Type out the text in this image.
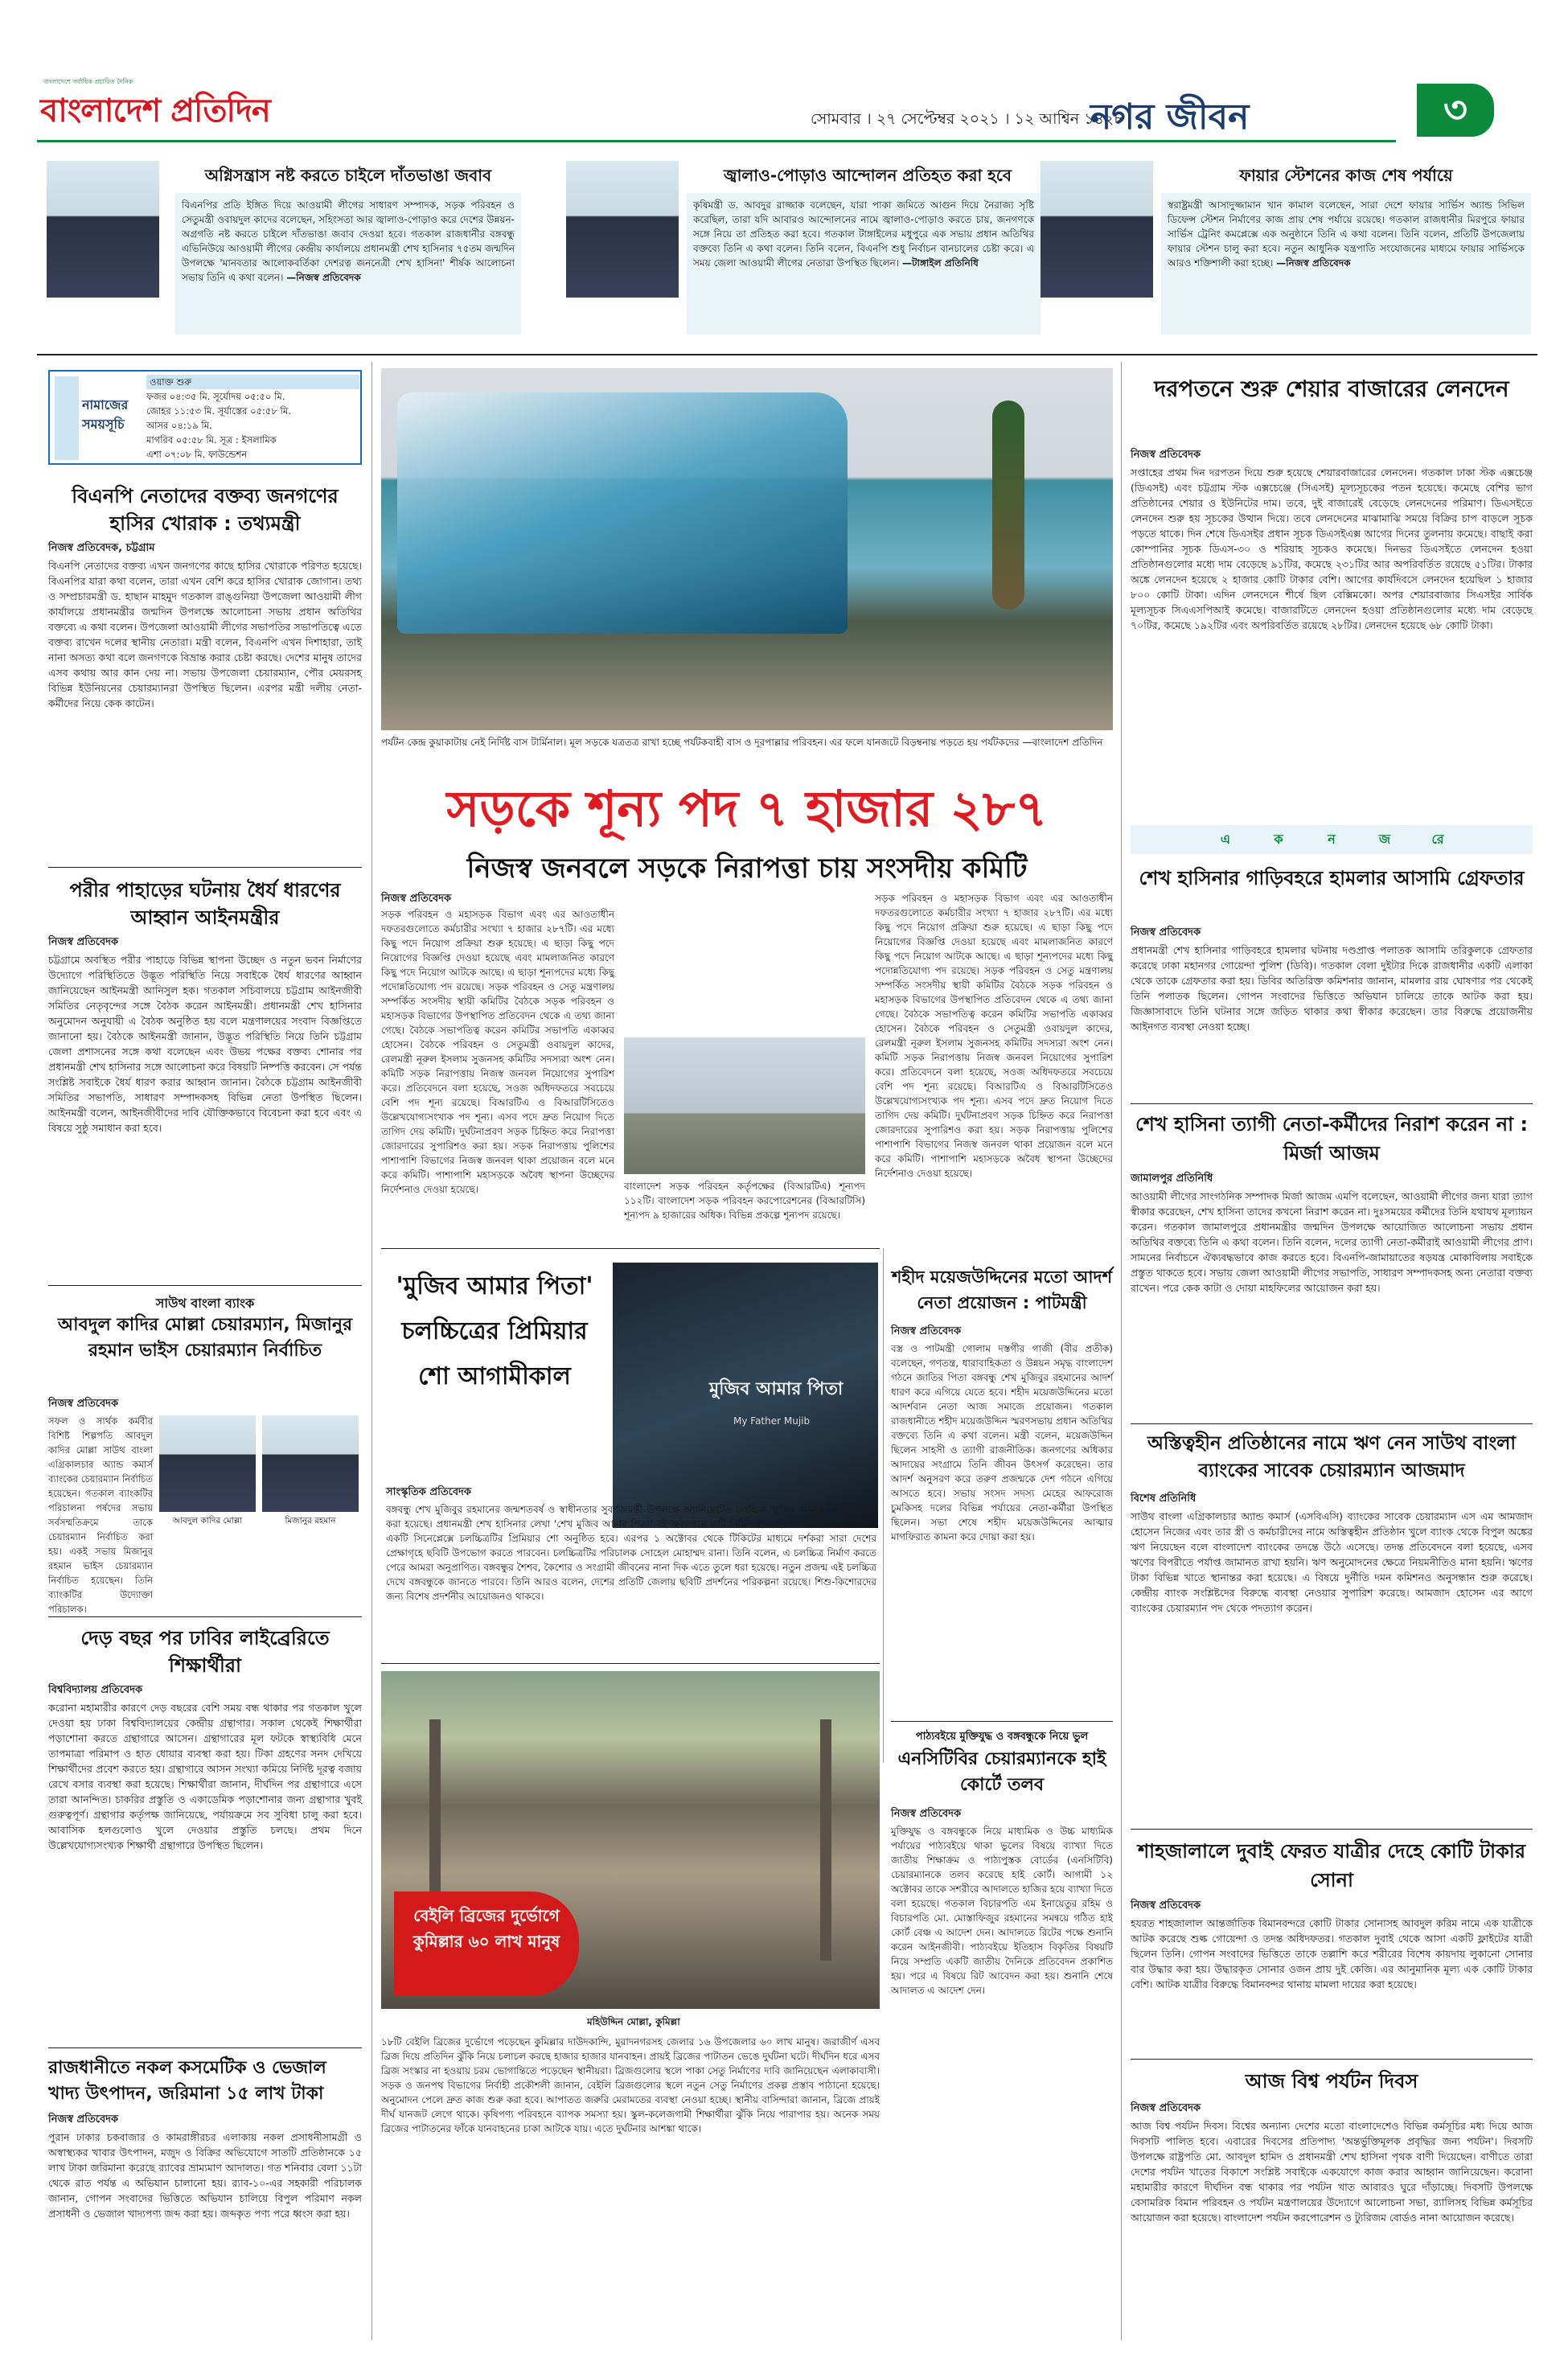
বাংলাদেশে সর্বাধিক প্রচারিত দৈনিক
বাংলাদেশ প্রতিদিন	সোমবার । ২৭ সেপ্টেম্বর ২০২১ । ১২ আশ্বিন ১৪২৮
নগর জীবন	৩
অগ্নিসন্ত্রাস নষ্ট করতে চাইলে দাঁতভাঙা জবাব
বিএনপির প্রতি ইঙ্গিত দিয়ে আওয়ামী লীগের সাধারণ সম্পাদক, সড়ক পরিবহন ও সেতুমন্ত্রী ওবায়দুল কাদের বলেছেন, সহিংসতা আর জ্বালাও-পোড়াও করে দেশের উন্নয়ন-অগ্রগতি নষ্ট করতে চাইলে দাঁতভাঙা জবাব দেওয়া হবে। গতকাল রাজধানীর বঙ্গবন্ধু এভিনিউয়ে আওয়ামী লীগের কেন্দ্রীয় কার্যালয়ে প্রধানমন্ত্রী শেখ হাসিনার ৭৫তম জন্মদিন উপলক্ষে 'মানবতার আলোকবর্তিকা দেশরত্ন জননেত্রী শেখ হাসিনা' শীর্ষক আলোচনা সভায় তিনি এ কথা বলেন। —নিজস্ব প্রতিবেদক
জ্বালাও-পোড়াও আন্দোলন প্রতিহত করা হবে
কৃষিমন্ত্রী ড. আবদুর রাজ্জাক বলেছেন, যারা পাকা জমিতে আগুন দিয়ে নৈরাজ্য সৃষ্টি করেছিল, তারা যদি আবারও আন্দোলনের নামে জ্বালাও-পোড়াও করতে চায়, জনগণকে সঙ্গে নিয়ে তা প্রতিহত করা হবে। গতকাল টাঙ্গাইলের মধুপুরে এক সভায় প্রধান অতিথির বক্তব্যে তিনি এ কথা বলেন। তিনি বলেন, বিএনপি শুধু নির্বাচন বানচালের চেষ্টা করে। এ সময় জেলা আওয়ামী লীগের নেতারা উপস্থিত ছিলেন। —টাঙ্গাইল প্রতিনিধি
ফায়ার স্টেশনের কাজ শেষ পর্যায়ে
স্বরাষ্ট্রমন্ত্রী আসাদুজ্জামান খান কামাল বলেছেন, সারা দেশে ফায়ার সার্ভিস অ্যান্ড সিভিল ডিফেন্স স্টেশন নির্মাণের কাজ প্রায় শেষ পর্যায়ে রয়েছে। গতকাল রাজধানীর মিরপুরে ফায়ার সার্ভিস ট্রেনিং কমপ্লেক্সে এক অনুষ্ঠানে তিনি এ কথা বলেন। তিনি বলেন, প্রতিটি উপজেলায় ফায়ার স্টেশন চালু করা হবে। নতুন আধুনিক যন্ত্রপাতি সংযোজনের মাধ্যমে ফায়ার সার্ভিসকে আরও শক্তিশালী করা হচ্ছে। —নিজস্ব প্রতিবেদক
নামাজের সময়সূচি
ওয়াক্ত শুরু
ফজর ০৪:৩৫ মি. সূর্যোদয় ০৫:৫০ মি.
জোহর ১১:৫৩ মি. সূর্যাস্তের ০৫:৫৮ মি.
আসর ০৪:১৯ মি.
মাগরিব ০৫:৫৮ মি. সূত্র : ইসলামিক
এশা ০৭:০৮ মি. ফাউন্ডেশন
বিএনপি নেতাদের বক্তব্য জনগণের হাসির খোরাক : তথ্যমন্ত্রী
নিজস্ব প্রতিবেদক, চট্টগ্রাম
বিএনপি নেতাদের বক্তব্য এখন জনগণের কাছে হাসির খোরাকে পরিণত হয়েছে। বিএনপির যারা কথা বলেন, তারা এখন বেশি করে হাসির খোরাক জোগান। তথ্য ও সম্প্রচারমন্ত্রী ড. হাছান মাহমুদ গতকাল রাঙ্গুনিয়া উপজেলা আওয়ামী লীগ কার্যালয়ে প্রধানমন্ত্রীর জন্মদিন উপলক্ষে আলোচনা সভায় প্রধান অতিথির বক্তব্যে এ কথা বলেন। উপজেলা আওয়ামী লীগের সভাপতির সভাপতিত্বে এতে বক্তব্য রাখেন দলের স্থানীয় নেতারা। মন্ত্রী বলেন, বিএনপি এখন দিশাহারা, তাই নানা অসত্য কথা বলে জনগণকে বিভ্রান্ত করার চেষ্টা করছে। দেশের মানুষ তাদের এসব কথায় আর কান দেয় না। সভায় উপজেলা চেয়ারম্যান, পৌর মেয়রসহ বিভিন্ন ইউনিয়নের চেয়ারম্যানরা উপস্থিত ছিলেন। এরপর মন্ত্রী দলীয় নেতা-কর্মীদের নিয়ে কেক কাটেন।
পরীর পাহাড়ের ঘটনায় ধৈর্য ধারণের আহ্বান আইনমন্ত্রীর
নিজস্ব প্রতিবেদক
চট্টগ্রামে অবস্থিত পরীর পাহাড়ে বিভিন্ন স্থাপনা উচ্ছেদ ও নতুন ভবন নির্মাণের উদ্যোগে পরিস্থিতিতে উদ্ভূত পরিস্থিতি নিয়ে সবাইকে ধৈর্য ধারণের আহ্বান জানিয়েছেন আইনমন্ত্রী আনিসুল হক। গতকাল সচিবালয়ে চট্টগ্রাম আইনজীবী সমিতির নেতৃবৃন্দের সঙ্গে বৈঠক করেন আইনমন্ত্রী। প্রধানমন্ত্রী শেখ হাসিনার অনুমোদন অনুযায়ী এ বৈঠক অনুষ্ঠিত হয় বলে মন্ত্রণালয়ের সংবাদ বিজ্ঞপ্তিতে জানানো হয়। বৈঠকে আইনমন্ত্রী জানান, উদ্ভূত পরিস্থিতি নিয়ে তিনি চট্টগ্রাম জেলা প্রশাসনের সঙ্গে কথা বলেছেন এবং উভয় পক্ষের বক্তব্য শোনার পর প্রধানমন্ত্রী শেখ হাসিনার সঙ্গে আলোচনা করে বিষয়টি নিষ্পত্তি করবেন। সে পর্যন্ত সংশ্লিষ্ট সবাইকে ধৈর্য ধারণ করার আহ্বান জানান। বৈঠকে চট্টগ্রাম আইনজীবী সমিতির সভাপতি, সাধারণ সম্পাদকসহ বিভিন্ন নেতা উপস্থিত ছিলেন। আইনমন্ত্রী বলেন, আইনজীবীদের দাবি যৌক্তিকভাবে বিবেচনা করা হবে এবং এ বিষয়ে সুষ্ঠু সমাধান করা হবে।
সাউথ বাংলা ব্যাংক
আবদুল কাদির মোল্লা চেয়ারম্যান, মিজানুর রহমান ভাইস চেয়ারম্যান নির্বাচিত
নিজস্ব প্রতিবেদক
সফল ও সার্থক কর্মবীর বিশিষ্ট শিল্পপতি আবদুল কাদির মোল্লা সাউথ বাংলা এগ্রিকালচার অ্যান্ড কমার্স ব্যাংকের চেয়ারম্যান নির্বাচিত হয়েছেন। গতকাল ব্যাংকটির পরিচালনা পর্ষদের সভায় সর্বসম্মতিক্রমে তাকে চেয়ারম্যান নির্বাচিত করা হয়। একই সভায় মিজানুর রহমান ভাইস চেয়ারম্যান নির্বাচিত হয়েছেন। তিনি ব্যাংকটির উদ্যোক্তা পরিচালক।
আবদুল কাদির মোল্লা	মিজানুর রহমান
দেড় বছর পর ঢাবির লাইব্রেরিতে শিক্ষার্থীরা
বিশ্ববিদ্যালয় প্রতিবেদক
করোনা মহামারীর কারণে দেড় বছরের বেশি সময় বন্ধ থাকার পর গতকাল খুলে দেওয়া হয় ঢাকা বিশ্ববিদ্যালয়ের কেন্দ্রীয় গ্রন্থাগার। সকাল থেকেই শিক্ষার্থীরা পড়াশোনা করতে গ্রন্থাগারে আসেন। গ্রন্থাগারের মূল ফটকে স্বাস্থ্যবিধি মেনে তাপমাত্রা পরিমাপ ও হাত ধোয়ার ব্যবস্থা করা হয়। টিকা গ্রহণের সনদ দেখিয়ে শিক্ষার্থীদের প্রবেশ করতে হয়। গ্রন্থাগারে আসন সংখ্যা কমিয়ে নির্দিষ্ট দূরত্ব বজায় রেখে বসার ব্যবস্থা করা হয়েছে। শিক্ষার্থীরা জানান, দীর্ঘদিন পর গ্রন্থাগারে এসে তারা আনন্দিত। চাকরির প্রস্তুতি ও একাডেমিক পড়াশোনার জন্য গ্রন্থাগার খুবই গুরুত্বপূর্ণ। গ্রন্থাগার কর্তৃপক্ষ জানিয়েছে, পর্যায়ক্রমে সব সুবিধা চালু করা হবে। আবাসিক হলগুলোও খুলে দেওয়ার প্রস্তুতি চলছে। প্রথম দিনে উল্লেখযোগ্যসংখ্যক শিক্ষার্থী গ্রন্থাগারে উপস্থিত ছিলেন।
রাজধানীতে নকল কসমেটিক ও ভেজাল খাদ্য উৎপাদন, জরিমানা ১৫ লাখ টাকা
নিজস্ব প্রতিবেদক
পুরান ঢাকার চকবাজার ও কামরাঙ্গীরচর এলাকায় নকল প্রসাধনীসামগ্রী ও অস্বাস্থ্যকর খাবার উৎপাদন, মজুদ ও বিক্রির অভিযোগে সাতটি প্রতিষ্ঠানকে ১৫ লাখ টাকা জরিমানা করেছে র‌্যাবের ভ্রাম্যমাণ আদালত। গত শনিবার বেলা ১১টা থেকে রাত পর্যন্ত এ অভিযান চালানো হয়। র‌্যাব-১০-এর সহকারী পরিচালক জানান, গোপন সংবাদের ভিত্তিতে অভিযান চালিয়ে বিপুল পরিমাণ নকল প্রসাধনী ও ভেজাল খাদ্যপণ্য জব্দ করা হয়। জব্দকৃত পণ্য পরে ধ্বংস করা হয়।
পর্যটন কেন্দ্র কুয়াকাটায় নেই নির্দিষ্ট বাস টার্মিনাল। মূল সড়কে যত্রতত্র রাখা হচ্ছে পর্যটকবাহী বাস ও দূরপাল্লার পরিবহন। এর ফলে যানজটে বিড়ম্বনায় পড়তে হয় পর্যটকদের —বাংলাদেশ প্রতিদিন
সড়কে শূন্য পদ ৭ হাজার ২৮৭
নিজস্ব জনবলে সড়কে নিরাপত্তা চায় সংসদীয় কমিটি
নিজস্ব প্রতিবেদক
সড়ক পরিবহন ও মহাসড়ক বিভাগ এবং এর আওতাধীন দফতরগুলোতে কর্মচারীর সংখ্যা ৭ হাজার ২৮৭টি। এর মধ্যে কিছু পদে নিয়োগ প্রক্রিয়া শুরু হয়েছে। এ ছাড়া কিছু পদে নিয়োগের বিজ্ঞপ্তি দেওয়া হয়েছে এবং মামলাজনিত কারণে কিছু পদে নিয়োগ আটকে আছে। এ ছাড়া শূন্যপদের মধ্যে কিছু পদোন্নতিযোগ্য পদ রয়েছে। সড়ক পরিবহন ও সেতু মন্ত্রণালয় সম্পর্কিত সংসদীয় স্থায়ী কমিটির বৈঠকে সড়ক পরিবহন ও মহাসড়ক বিভাগের উপস্থাপিত প্রতিবেদন থেকে এ তথ্য জানা গেছে। বৈঠকে সভাপতিত্ব করেন কমিটির সভাপতি একাব্বর হোসেন। বৈঠকে পরিবহন ও সেতুমন্ত্রী ওবায়দুল কাদের, রেলমন্ত্রী নূরুল ইসলাম সুজনসহ কমিটির সদস্যরা অংশ নেন। কমিটি সড়ক নিরাপত্তায় নিজস্ব জনবল নিয়োগের সুপারিশ করে। প্রতিবেদনে বলা হয়েছে, সওজ অধিদফতরে সবচেয়ে বেশি পদ শূন্য রয়েছে। বিআরটিএ ও বিআরটিসিতেও উল্লেখযোগ্যসংখ্যক পদ শূন্য। এসব পদে দ্রুত নিয়োগ দিতে তাগিদ দেয় কমিটি। দুর্ঘটনাপ্রবণ সড়ক চিহ্নিত করে নিরাপত্তা জোরদারের সুপারিশও করা হয়। সড়ক নিরাপত্তায় পুলিশের পাশাপাশি বিভাগের নিজস্ব জনবল থাকা প্রয়োজন বলে মনে করে কমিটি। পাশাপাশি মহাসড়কে অবৈধ স্থাপনা উচ্ছেদের নির্দেশনাও দেওয়া হয়েছে।	বাংলাদেশ সড়ক পরিবহন কর্তৃপক্ষের (বিআরটিএ) শূন্যপদ ১১২টি। বাংলাদেশ সড়ক পরিবহন করপোরেশনের (বিআরটিসি) শূন্যপদ ৯ হাজারের অধিক। বিভিন্ন প্রকল্পে শূন্যপদ রয়েছে।
সড়ক পরিবহন ও মহাসড়ক বিভাগ এবং এর আওতাধীন দফতরগুলোতে কর্মচারীর সংখ্যা ৭ হাজার ২৮৭টি। এর মধ্যে কিছু পদে নিয়োগ প্রক্রিয়া শুরু হয়েছে। এ ছাড়া কিছু পদে নিয়োগের বিজ্ঞপ্তি দেওয়া হয়েছে এবং মামলাজনিত কারণে কিছু পদে নিয়োগ আটকে আছে। এ ছাড়া শূন্যপদের মধ্যে কিছু পদোন্নতিযোগ্য পদ রয়েছে। সড়ক পরিবহন ও সেতু মন্ত্রণালয় সম্পর্কিত সংসদীয় স্থায়ী কমিটির বৈঠকে সড়ক পরিবহন ও মহাসড়ক বিভাগের উপস্থাপিত প্রতিবেদন থেকে এ তথ্য জানা গেছে। বৈঠকে সভাপতিত্ব করেন কমিটির সভাপতি একাব্বর হোসেন। বৈঠকে পরিবহন ও সেতুমন্ত্রী ওবায়দুল কাদের, রেলমন্ত্রী নূরুল ইসলাম সুজনসহ কমিটির সদস্যরা অংশ নেন। কমিটি সড়ক নিরাপত্তায় নিজস্ব জনবল নিয়োগের সুপারিশ করে। প্রতিবেদনে বলা হয়েছে, সওজ অধিদফতরে সবচেয়ে বেশি পদ শূন্য রয়েছে। বিআরটিএ ও বিআরটিসিতেও উল্লেখযোগ্যসংখ্যক পদ শূন্য। এসব পদে দ্রুত নিয়োগ দিতে তাগিদ দেয় কমিটি। দুর্ঘটনাপ্রবণ সড়ক চিহ্নিত করে নিরাপত্তা জোরদারের সুপারিশও করা হয়। সড়ক নিরাপত্তায় পুলিশের পাশাপাশি বিভাগের নিজস্ব জনবল থাকা প্রয়োজন বলে মনে করে কমিটি। পাশাপাশি মহাসড়কে অবৈধ স্থাপনা উচ্ছেদের নির্দেশনাও দেওয়া হয়েছে।
'মুজিব আমার পিতা' চলচ্চিত্রের প্রিমিয়ার শো আগামীকাল	মুজিব আমার পিতা
My Father Mujib
সাংস্কৃতিক প্রতিবেদক
বঙ্গবন্ধু শেখ মুজিবুর রহমানের জন্মশতবর্ষ ও স্বাধীনতার সুবর্ণজয়ন্তী উপলক্ষে অ্যানিমেটেড চলচ্চিত্র 'মুজিব আমার পিতা' নির্মাণ করা হয়েছে। প্রধানমন্ত্রী শেখ হাসিনার লেখা 'শেখ মুজিব আমার পিতা' বই অবলম্বনে এটি নির্মিত হয়েছে। আগামীকাল রাজধানীর একটি সিনেপ্লেক্সে চলচ্চিত্রটির প্রিমিয়ার শো অনুষ্ঠিত হবে। এরপর ১ অক্টোবর থেকে টিকিটের মাধ্যমে দর্শকরা সারা দেশের প্রেক্ষাগৃহে ছবিটি উপভোগ করতে পারবেন। চলচ্চিত্রটির পরিচালক সোহেল মোহাম্মদ রানা। তিনি বলেন, এ চলচ্চিত্র নির্মাণ করতে পেরে আমরা অনুপ্রাণিত। বঙ্গবন্ধুর শৈশব, কৈশোর ও সংগ্রামী জীবনের নানা দিক এতে তুলে ধরা হয়েছে। নতুন প্রজন্ম এই চলচ্চিত্র দেখে বঙ্গবন্ধুকে জানতে পারবে। তিনি আরও বলেন, দেশের প্রতিটি জেলায় ছবিটি প্রদর্শনের পরিকল্পনা রয়েছে। শিশু-কিশোরদের জন্য বিশেষ প্রদর্শনীর আয়োজনও থাকবে।
শহীদ ময়েজউদ্দিনের মতো আদর্শ নেতা প্রয়োজন : পাটমন্ত্রী
নিজস্ব প্রতিবেদক
বস্ত্র ও পাটমন্ত্রী গোলাম দস্তগীর গাজী (বীর প্রতীক) বলেছেন, গণতন্ত্র, ধারাবাহিকতা ও উন্নয়ন সমৃদ্ধ বাংলাদেশ গঠনে জাতির পিতা বঙ্গবন্ধু শেখ মুজিবুর রহমানের আদর্শ ধারণ করে এগিয়ে যেতে হবে। শহীদ ময়েজউদ্দিনের মতো আদর্শবান নেতা আজ সমাজে প্রয়োজন। গতকাল রাজধানীতে শহীদ ময়েজউদ্দিন স্মরণসভায় প্রধান অতিথির বক্তব্যে তিনি এ কথা বলেন। মন্ত্রী বলেন, ময়েজউদ্দিন ছিলেন সাহসী ও ত্যাগী রাজনীতিক। জনগণের অধিকার আদায়ের সংগ্রামে তিনি জীবন উৎসর্গ করেছেন। তার আদর্শ অনুসরণ করে তরুণ প্রজন্মকে দেশ গঠনে এগিয়ে আসতে হবে। সভায় সংসদ সদস্য মেহের আফরোজ চুমকিসহ দলের বিভিন্ন পর্যায়ের নেতা-কর্মীরা উপস্থিত ছিলেন। সভা শেষে শহীদ ময়েজউদ্দিনের আত্মার মাগফিরাত কামনা করে দোয়া করা হয়।
পাঠ্যবইয়ে মুক্তিযুদ্ধ ও বঙ্গবন্ধুকে নিয়ে ভুল
এনসিটিবির চেয়ারম্যানকে হাই কোর্টে তলব
নিজস্ব প্রতিবেদক
মুক্তিযুদ্ধ ও বঙ্গবন্ধুকে নিয়ে মাধ্যমিক ও উচ্চ মাধ্যমিক পর্যায়ের পাঠ্যবইয়ে থাকা ভুলের বিষয়ে ব্যাখ্যা দিতে জাতীয় শিক্ষাক্রম ও পাঠ্যপুস্তক বোর্ডের (এনসিটিবি) চেয়ারম্যানকে তলব করেছে হাই কোর্ট। আগামী ১২ অক্টোবর তাকে সশরীরে আদালতে হাজির হয়ে ব্যাখ্যা দিতে বলা হয়েছে। গতকাল বিচারপতি এম ইনায়েতুর রহিম ও বিচারপতি মো. মোস্তাফিজুর রহমানের সমন্বয়ে গঠিত হাই কোর্ট বেঞ্চ এ আদেশ দেন। আদালতে রিটের পক্ষে শুনানি করেন আইনজীবী। পাঠ্যবইয়ে ইতিহাস বিকৃতির বিষয়টি নিয়ে সম্প্রতি একটি জাতীয় দৈনিকে প্রতিবেদন প্রকাশিত হয়। পরে এ বিষয়ে রিট আবেদন করা হয়। শুনানি শেষে আদালত এ আদেশ দেন।
বেইলি ব্রিজের দুর্ভোগে কুমিল্লার ৬০ লাখ মানুষ
মহিউদ্দিন মোল্লা, কুমিল্লা
১৮টি বেইলি ব্রিজের দুর্ভোগে পড়েছেন কুমিল্লার দাউদকান্দি, মুরাদনগরসহ জেলার ১৬ উপজেলার ৬০ লাখ মানুষ। জরাজীর্ণ এসব ব্রিজ দিয়ে প্রতিদিন ঝুঁকি নিয়ে চলাচল করছে হাজার হাজার যানবাহন। প্রায়ই ব্রিজের পাটাতন ভেঙে দুর্ঘটনা ঘটে। দীর্ঘদিন ধরে এসব ব্রিজ সংস্কার না হওয়ায় চরম ভোগান্তিতে পড়েছেন স্থানীয়রা। ব্রিজগুলোর স্থলে পাকা সেতু নির্মাণের দাবি জানিয়েছেন এলাকাবাসী। সড়ক ও জনপথ বিভাগের নির্বাহী প্রকৌশলী জানান, বেইলি ব্রিজগুলোর স্থলে নতুন সেতু নির্মাণের প্রকল্প প্রস্তাব পাঠানো হয়েছে। অনুমোদন পেলে দ্রুত কাজ শুরু করা হবে। আপাতত জরুরি মেরামতের ব্যবস্থা নেওয়া হচ্ছে। স্থানীয় বাসিন্দারা জানান, ব্রিজে প্রায়ই দীর্ঘ যানজট লেগে থাকে। কৃষিপণ্য পরিবহনে ব্যাপক সমস্যা হয়। স্কুল-কলেজগামী শিক্ষার্থীরা ঝুঁকি নিয়ে পারাপার হয়। অনেক সময় ব্রিজের পাটাতনের ফাঁকে যানবাহনের চাকা আটকে যায়। এতে দুর্ঘটনার আশঙ্কা থাকে।
দরপতনে শুরু শেয়ার বাজারের লেনদেন
নিজস্ব প্রতিবেদক
সপ্তাহের প্রথম দিন দরপতন দিয়ে শুরু হয়েছে শেয়ারবাজারের লেনদেন। গতকাল ঢাকা স্টক এক্সচেঞ্জ (ডিএসই) এবং চট্টগ্রাম স্টক এক্সচেঞ্জে (সিএসই) মূল্যসূচকের পতন হয়েছে। কমেছে বেশির ভাগ প্রতিষ্ঠানের শেয়ার ও ইউনিটের দাম। তবে, দুই বাজারেই বেড়েছে লেনদেনের পরিমাণ। ডিএসইতে লেনদেন শুরু হয় সূচকের উত্থান দিয়ে। তবে লেনদেনের মাঝামাঝি সময়ে বিক্রির চাপ বাড়লে সূচক পড়তে থাকে। দিন শেষে ডিএসইর প্রধান সূচক ডিএসইএক্স আগের দিনের তুলনায় কমেছে। বাছাই করা কোম্পানির সূচক ডিএস-৩০ ও শরিয়াহ সূচকও কমেছে। দিনভর ডিএসইতে লেনদেন হওয়া প্রতিষ্ঠানগুলোর মধ্যে দাম বেড়েছে ৯১টির, কমেছে ২৩১টির আর অপরিবর্তিত রয়েছে ৫১টির। টাকার অঙ্কে লেনদেন হয়েছে ২ হাজার কোটি টাকার বেশি। আগের কার্যদিবসে লেনদেন হয়েছিল ১ হাজার ৮০০ কোটি টাকা। এদিন লেনদেনে শীর্ষে ছিল বেক্সিমকো। অপর শেয়ারবাজার সিএসইর সার্বিক মূল্যসূচক সিএএসপিআই কমেছে। বাজারটিতে লেনদেন হওয়া প্রতিষ্ঠানগুলোর মধ্যে দাম বেড়েছে ৭০টির, কমেছে ১৯২টির এবং অপরিবর্তিত রয়েছে ২৮টির। লেনদেন হয়েছে ৬৮ কোটি টাকা।
এ	ক	ন	জ	রে
শেখ হাসিনার গাড়িবহরে হামলার আসামি গ্রেফতার
নিজস্ব প্রতিবেদক
প্রধানমন্ত্রী শেখ হাসিনার গাড়িবহরে হামলার ঘটনায় দণ্ডপ্রাপ্ত পলাতক আসামি তরিকুলকে গ্রেফতার করেছে ঢাকা মহানগর গোয়েন্দা পুলিশ (ডিবি)। গতকাল বেলা দুইটার দিকে রাজধানীর একটি এলাকা থেকে তাকে গ্রেফতার করা হয়। ডিবির অতিরিক্ত কমিশনার জানান, মামলার রায় ঘোষণার পর থেকেই তিনি পলাতক ছিলেন। গোপন সংবাদের ভিত্তিতে অভিযান চালিয়ে তাকে আটক করা হয়। জিজ্ঞাসাবাদে তিনি ঘটনার সঙ্গে জড়িত থাকার কথা স্বীকার করেছেন। তার বিরুদ্ধে প্রয়োজনীয় আইনগত ব্যবস্থা নেওয়া হচ্ছে।
শেখ হাসিনা ত্যাগী নেতা-কর্মীদের নিরাশ করেন না : মির্জা আজম
জামালপুর প্রতিনিধি
আওয়ামী লীগের সাংগঠনিক সম্পাদক মির্জা আজম এমপি বলেছেন, আওয়ামী লীগের জন্য যারা ত্যাগ স্বীকার করেছেন, শেখ হাসিনা তাদের কখনো নিরাশ করেন না। দুঃসময়ের কর্মীদের তিনি যথাযথ মূল্যায়ন করেন। গতকাল জামালপুরে প্রধানমন্ত্রীর জন্মদিন উপলক্ষে আয়োজিত আলোচনা সভায় প্রধান অতিথির বক্তব্যে তিনি এ কথা বলেন। তিনি বলেন, দলের ত্যাগী নেতা-কর্মীরাই আওয়ামী লীগের প্রাণ। সামনের নির্বাচনে ঐক্যবদ্ধভাবে কাজ করতে হবে। বিএনপি-জামায়াতের ষড়যন্ত্র মোকাবিলায় সবাইকে প্রস্তুত থাকতে হবে। সভায় জেলা আওয়ামী লীগের সভাপতি, সাধারণ সম্পাদকসহ অন্য নেতারা বক্তব্য রাখেন। পরে কেক কাটা ও দোয়া মাহফিলের আয়োজন করা হয়।
অস্তিত্বহীন প্রতিষ্ঠানের নামে ঋণ নেন সাউথ বাংলা ব্যাংকের সাবেক চেয়ারম্যান আজমাদ
বিশেষ প্রতিনিধি
সাউথ বাংলা এগ্রিকালচার অ্যান্ড কমার্স (এসবিএসি) ব্যাংকের সাবেক চেয়ারম্যান এস এম আমজাদ হোসেন নিজের এবং তার স্ত্রী ও কর্মচারীদের নামে অস্তিত্বহীন প্রতিষ্ঠান খুলে ব্যাংক থেকে বিপুল অঙ্কের ঋণ নিয়েছেন বলে বাংলাদেশ ব্যাংকের তদন্তে উঠে এসেছে। তদন্ত প্রতিবেদনে বলা হয়েছে, এসব ঋণের বিপরীতে পর্যাপ্ত জামানত রাখা হয়নি। ঋণ অনুমোদনের ক্ষেত্রে নিয়মনীতিও মানা হয়নি। ঋণের টাকা বিভিন্ন খাতে স্থানান্তর করা হয়েছে। এ বিষয়ে দুর্নীতি দমন কমিশনও অনুসন্ধান শুরু করেছে। কেন্দ্রীয় ব্যাংক সংশ্লিষ্টদের বিরুদ্ধে ব্যবস্থা নেওয়ার সুপারিশ করেছে। আমজাদ হোসেন এর আগে ব্যাংকের চেয়ারম্যান পদ থেকে পদত্যাগ করেন।
শাহজালালে দুবাই ফেরত যাত্রীর দেহে কোটি টাকার সোনা
নিজস্ব প্রতিবেদক
হযরত শাহজালাল আন্তর্জাতিক বিমানবন্দরে কোটি টাকার সোনাসহ আবদুল করিম নামে এক যাত্রীকে আটক করেছে শুল্ক গোয়েন্দা ও তদন্ত অধিদফতর। গতকাল দুবাই থেকে আসা একটি ফ্লাইটের যাত্রী ছিলেন তিনি। গোপন সংবাদের ভিত্তিতে তাকে তল্লাশি করে শরীরের বিশেষ কায়দায় লুকানো সোনার বার উদ্ধার করা হয়। উদ্ধারকৃত সোনার ওজন প্রায় দুই কেজি। এর আনুমানিক মূল্য এক কোটি টাকার বেশি। আটক যাত্রীর বিরুদ্ধে বিমানবন্দর থানায় মামলা দায়ের করা হয়েছে।
আজ বিশ্ব পর্যটন দিবস
নিজস্ব প্রতিবেদক
আজ বিশ্ব পর্যটন দিবস। বিশ্বের অন্যান্য দেশের মতো বাংলাদেশেও বিভিন্ন কর্মসূচির মধ্য দিয়ে আজ দিবসটি পালিত হবে। এবারের দিবসের প্রতিপাদ্য 'অন্তর্ভুক্তিমূলক প্রবৃদ্ধির জন্য পর্যটন'। দিবসটি উপলক্ষে রাষ্ট্রপতি মো. আবদুল হামিদ ও প্রধানমন্ত্রী শেখ হাসিনা পৃথক বাণী দিয়েছেন। বাণীতে তারা দেশের পর্যটন খাতের বিকাশে সংশ্লিষ্ট সবাইকে একযোগে কাজ করার আহ্বান জানিয়েছেন। করোনা মহামারীর কারণে দীর্ঘদিন বন্ধ থাকার পর পর্যটন খাত আবারও ঘুরে দাঁড়াচ্ছে। দিবসটি উপলক্ষে বেসামরিক বিমান পরিবহন ও পর্যটন মন্ত্রণালয়ের উদ্যোগে আলোচনা সভা, র‌্যালিসহ বিভিন্ন কর্মসূচির আয়োজন করা হয়েছে। বাংলাদেশ পর্যটন করপোরেশন ও ট্যুরিজম বোর্ডও নানা আয়োজন করেছে।
